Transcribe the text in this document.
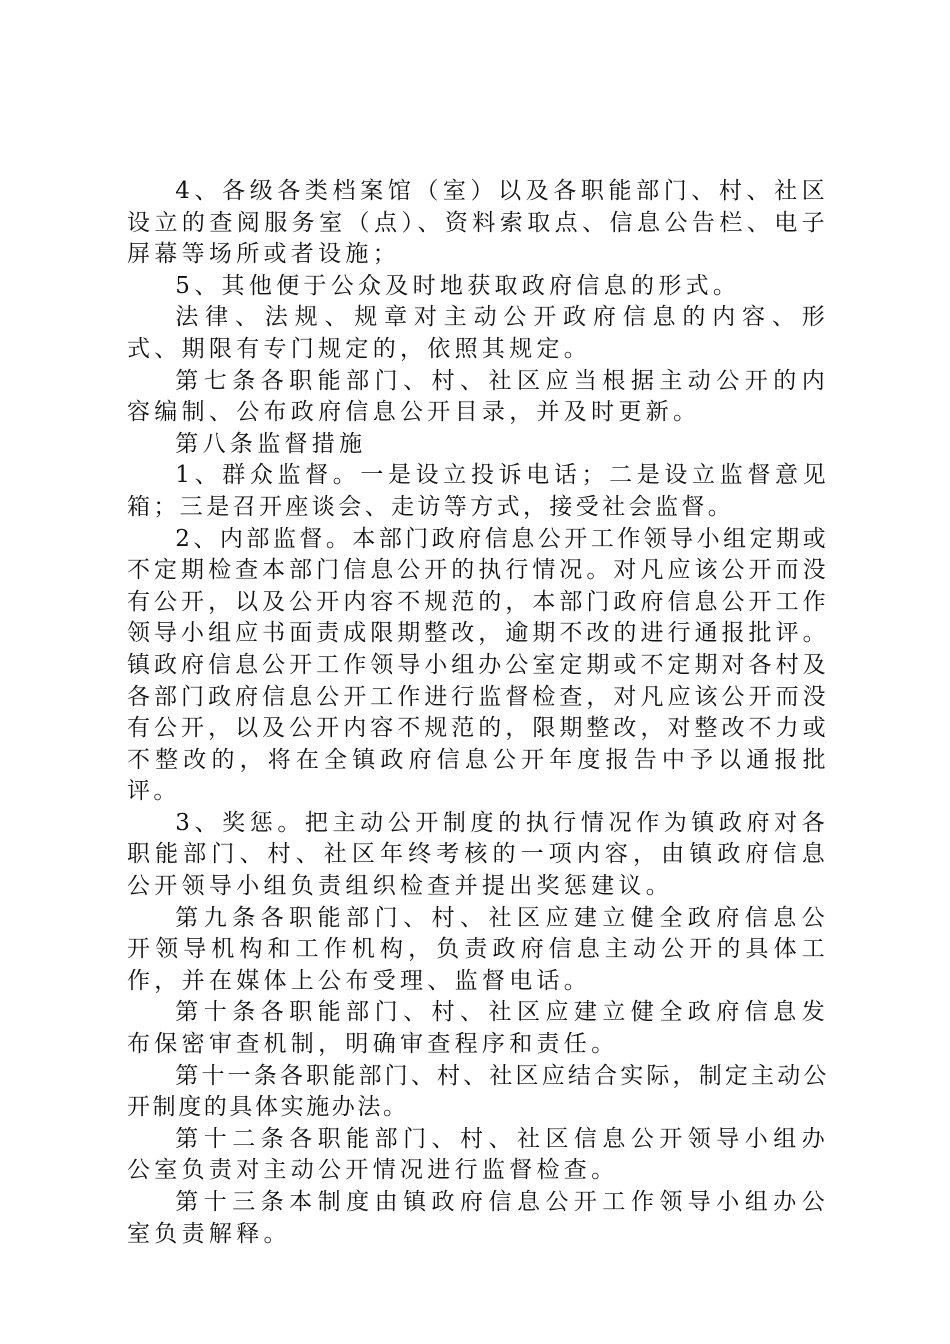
4、各级各类档案馆（室）以及各职能部门、村、社区设立的查阅服务室（点）、资料索取点、信息公告栏、电子屏幕等场所或者设施；

5、其他便于公众及时地获取政府信息的形式。

法律、法规、规章对主动公开政府信息的内容、形式、期限有专门规定的，依照其规定。

第七条各职能部门、村、社区应当根据主动公开的内容编制、公布政府信息公开目录，并及时更新。

第八条监督措施

1、群众监督。一是设立投诉电话；二是设立监督意见箱；三是召开座谈会、走访等方式，接受社会监督。

2、内部监督。本部门政府信息公开工作领导小组定期或不定期检查本部门信息公开的执行情况。对凡应该公开而没有公开，以及公开内容不规范的，本部门政府信息公开工作领导小组应书面责成限期整改，逾期不改的进行通报批评。镇政府信息公开工作领导小组办公室定期或不定期对各村及各部门政府信息公开工作进行监督检查，对凡应该公开而没有公开，以及公开内容不规范的，限期整改，对整改不力或不整改的，将在全镇政府信息公开年度报告中予以通报批评。

3、奖惩。把主动公开制度的执行情况作为镇政府对各职能部门、村、社区年终考核的一项内容，由镇政府信息公开领导小组负责组织检查并提出奖惩建议。

第九条各职能部门、村、社区应建立健全政府信息公开领导机构和工作机构，负责政府信息主动公开的具体工作，并在媒体上公布受理、监督电话。

第十条各职能部门、村、社区应建立健全政府信息发布保密审查机制，明确审查程序和责任。

第十一条各职能部门、村、社区应结合实际，制定主动公开制度的具体实施办法。

第十二条各职能部门、村、社区信息公开领导小组办公室负责对主动公开情况进行监督检查。

第十三条本制度由镇政府信息公开工作领导小组办公室负责解释。
